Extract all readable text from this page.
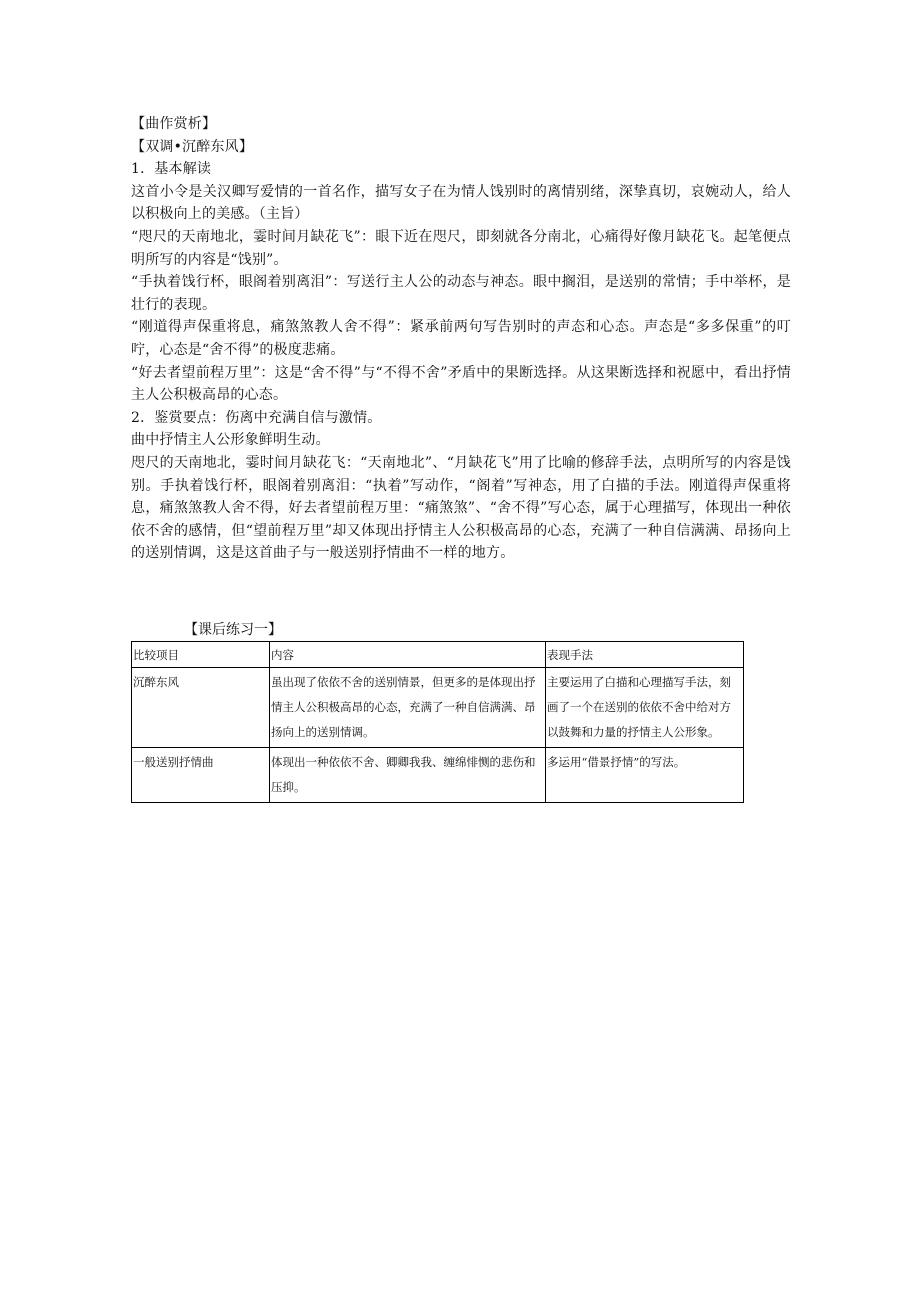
【曲作赏析】

【双调•沉醉东风】

1．基本解读

这首小令是关汉卿写爱情的一首名作，描写女子在为情人饯别时的离情别绪，深挚真切，哀婉动人，给人以积极向上的美感。（主旨）

“咫尺的天南地北，霎时间月缺花飞”：眼下近在咫尺，即刻就各分南北，心痛得好像月缺花飞。起笔便点明所写的内容是“饯别”。

“手执着饯行杯，眼阁着别离泪”：写送行主人公的动态与神态。眼中搁泪，是送别的常情；手中举杯，是壮行的表现。

“刚道得声保重将息，痛煞煞教人舍不得”：紧承前两句写告别时的声态和心态。声态是“多多保重”的叮咛，心态是“舍不得”的极度悲痛。

“好去者望前程万里”：这是“舍不得”与“不得不舍”矛盾中的果断选择。从这果断选择和祝愿中，看出抒情主人公积极高昂的心态。

2．鉴赏要点：伤离中充满自信与激情。

曲中抒情主人公形象鲜明生动。

咫尺的天南地北，霎时间月缺花飞：“天南地北”、“月缺花飞”用了比喻的修辞手法，点明所写的内容是饯别。手执着饯行杯，眼阁着别离泪：“执着”写动作，“阁着”写神态，用了白描的手法。刚道得声保重将息，痛煞煞教人舍不得，好去者望前程万里：“痛煞煞”、“舍不得”写心态，属于心理描写，体现出一种依依不舍的感情，但“望前程万里”却又体现出抒情主人公积极高昂的心态，充满了一种自信满满、昂扬向上的送别情调，这是这首曲子与一般送别抒情曲不一样的地方。

【课后练习一】
比较项目	内容	表现手法
沉醉东风	虽出现了依依不舍的送别情景，但更多的是体现出抒情主人公积极高昂的心态，充满了一种自信满满、昂扬向上的送别情调。	主要运用了白描和心理描写手法，刻画了一个在送别的依依不舍中给对方以鼓舞和力量的抒情主人公形象。
一般送别抒情曲	体现出一种依依不舍、卿卿我我、缠绵悱恻的悲伤和压抑。	多运用“借景抒情”的写法。
